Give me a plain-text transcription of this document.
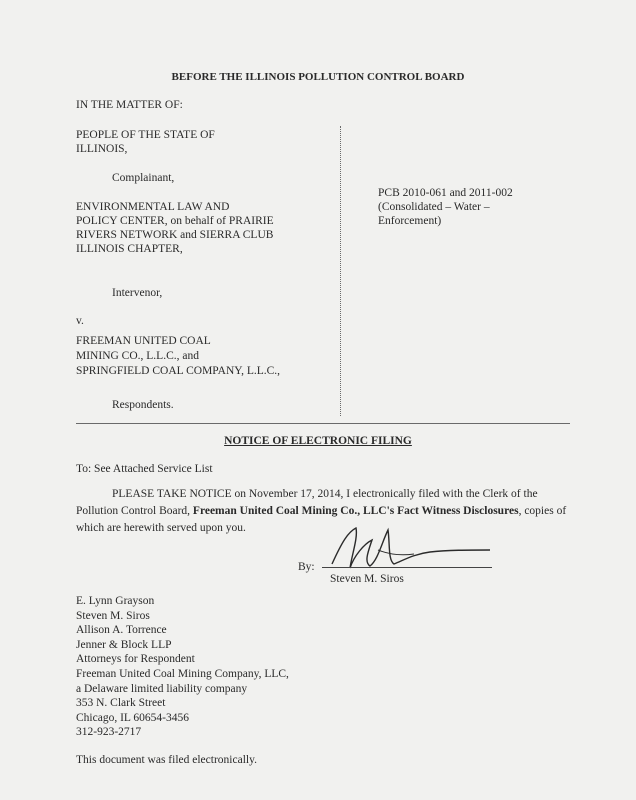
BEFORE THE ILLINOIS POLLUTION CONTROL BOARD
IN THE MATTER OF:
PEOPLE OF THE STATE OF
ILLINOIS,
Complainant,
ENVIRONMENTAL LAW AND
POLICY CENTER, on behalf of PRAIRIE
RIVERS NETWORK and SIERRA CLUB
ILLINOIS CHAPTER,
Intervenor,
v.
FREEMAN UNITED COAL
MINING CO., L.L.C., and
SPRINGFIELD COAL COMPANY, L.L.C.,
Respondents.
PCB 2010-061 and 2011-002
(Consolidated – Water –
Enforcement)
NOTICE OF ELECTRONIC FILING
To: See Attached Service List
PLEASE TAKE NOTICE on November 17, 2014, I electronically filed with the Clerk of the Pollution Control Board, Freeman United Coal Mining Co., LLC's Fact Witness Disclosures, copies of which are herewith served upon you.
By:
Steven M. Siros
E. Lynn Grayson
Steven M. Siros
Allison A. Torrence
Jenner & Block LLP
Attorneys for Respondent
Freeman United Coal Mining Company, LLC,
a Delaware limited liability company
353 N. Clark Street
Chicago, IL 60654-3456
312-923-2717
This document was filed electronically.
